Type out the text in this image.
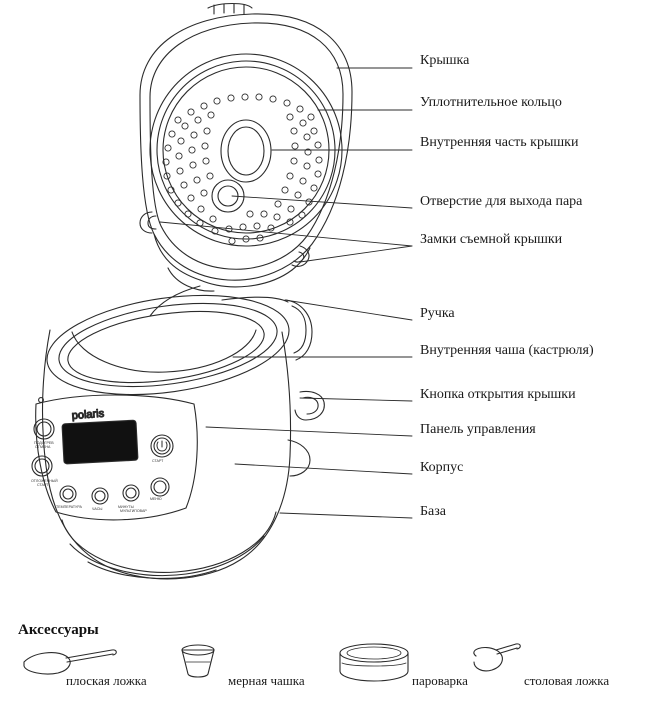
polaris
ПОДОГРЕВ
ОТМЕНА
ОТЛОЖЕННЫЙ
СТАРТ
СТАРТ
МЕНЮ
ТЕМПЕРАТУРА	ЧАСЫ	МИНУТЫ
МУЛЬТИПОВАР
Крышка
Уплотнительное кольцо
Внутренняя часть крышки
Отверстие для выхода пара
Замки съемной крышки
Ручка
Внутренняя чаша (кастрюля)
Кнопка открытия крышки
Панель управления
Корпус
База
Аксессуары
плоская ложка	мерная чашка	пароварка	столовая ложка
